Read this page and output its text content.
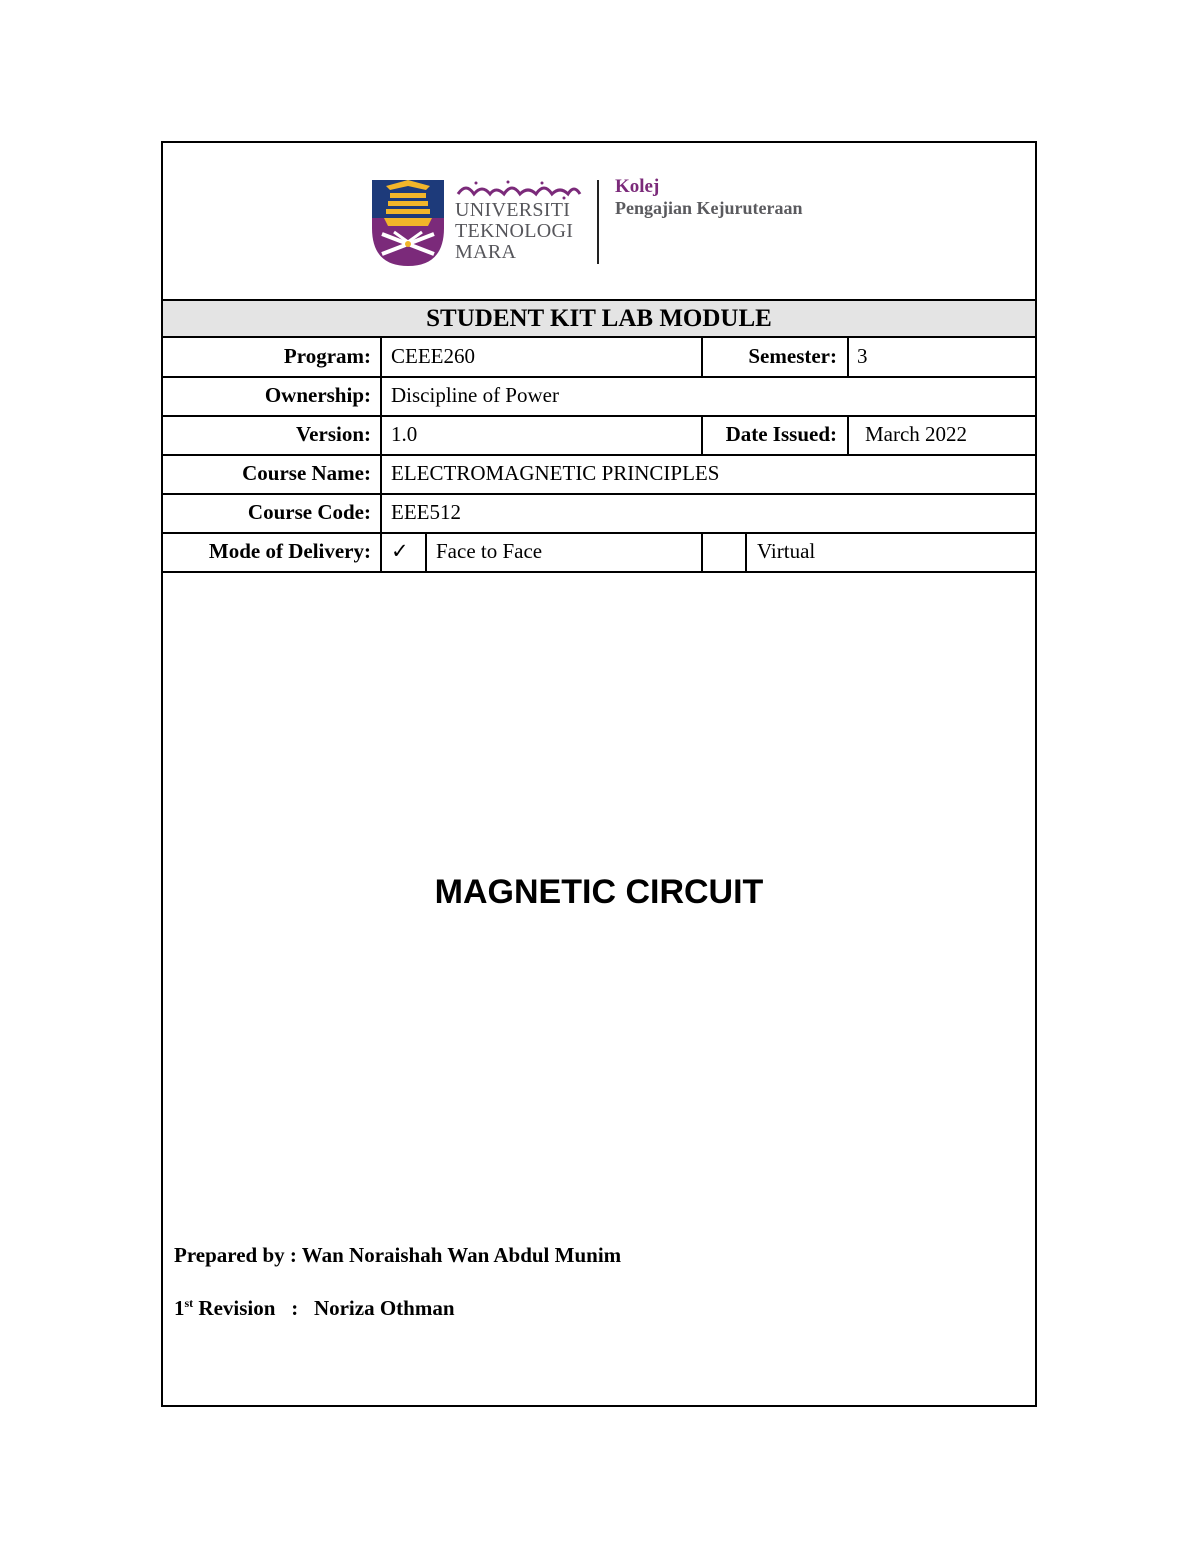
UNIVERSITI
TEKNOLOGI
MARA
Kolej
Pengajian Kejuruteraan
STUDENT KIT LAB MODULE
Program: CEEE260	Semester: 3
Ownership: Discipline of Power
Version: 1.0	Date Issued:	March 2022
Course Name: ELECTROMAGNETIC PRINCIPLES
Course Code: EEE512
Mode of Delivery: ✓	Face to Face	Virtual
MAGNETIC CIRCUIT
Prepared by : Wan Noraishah Wan Abdul Munim
1st Revision   :   Noriza Othman
